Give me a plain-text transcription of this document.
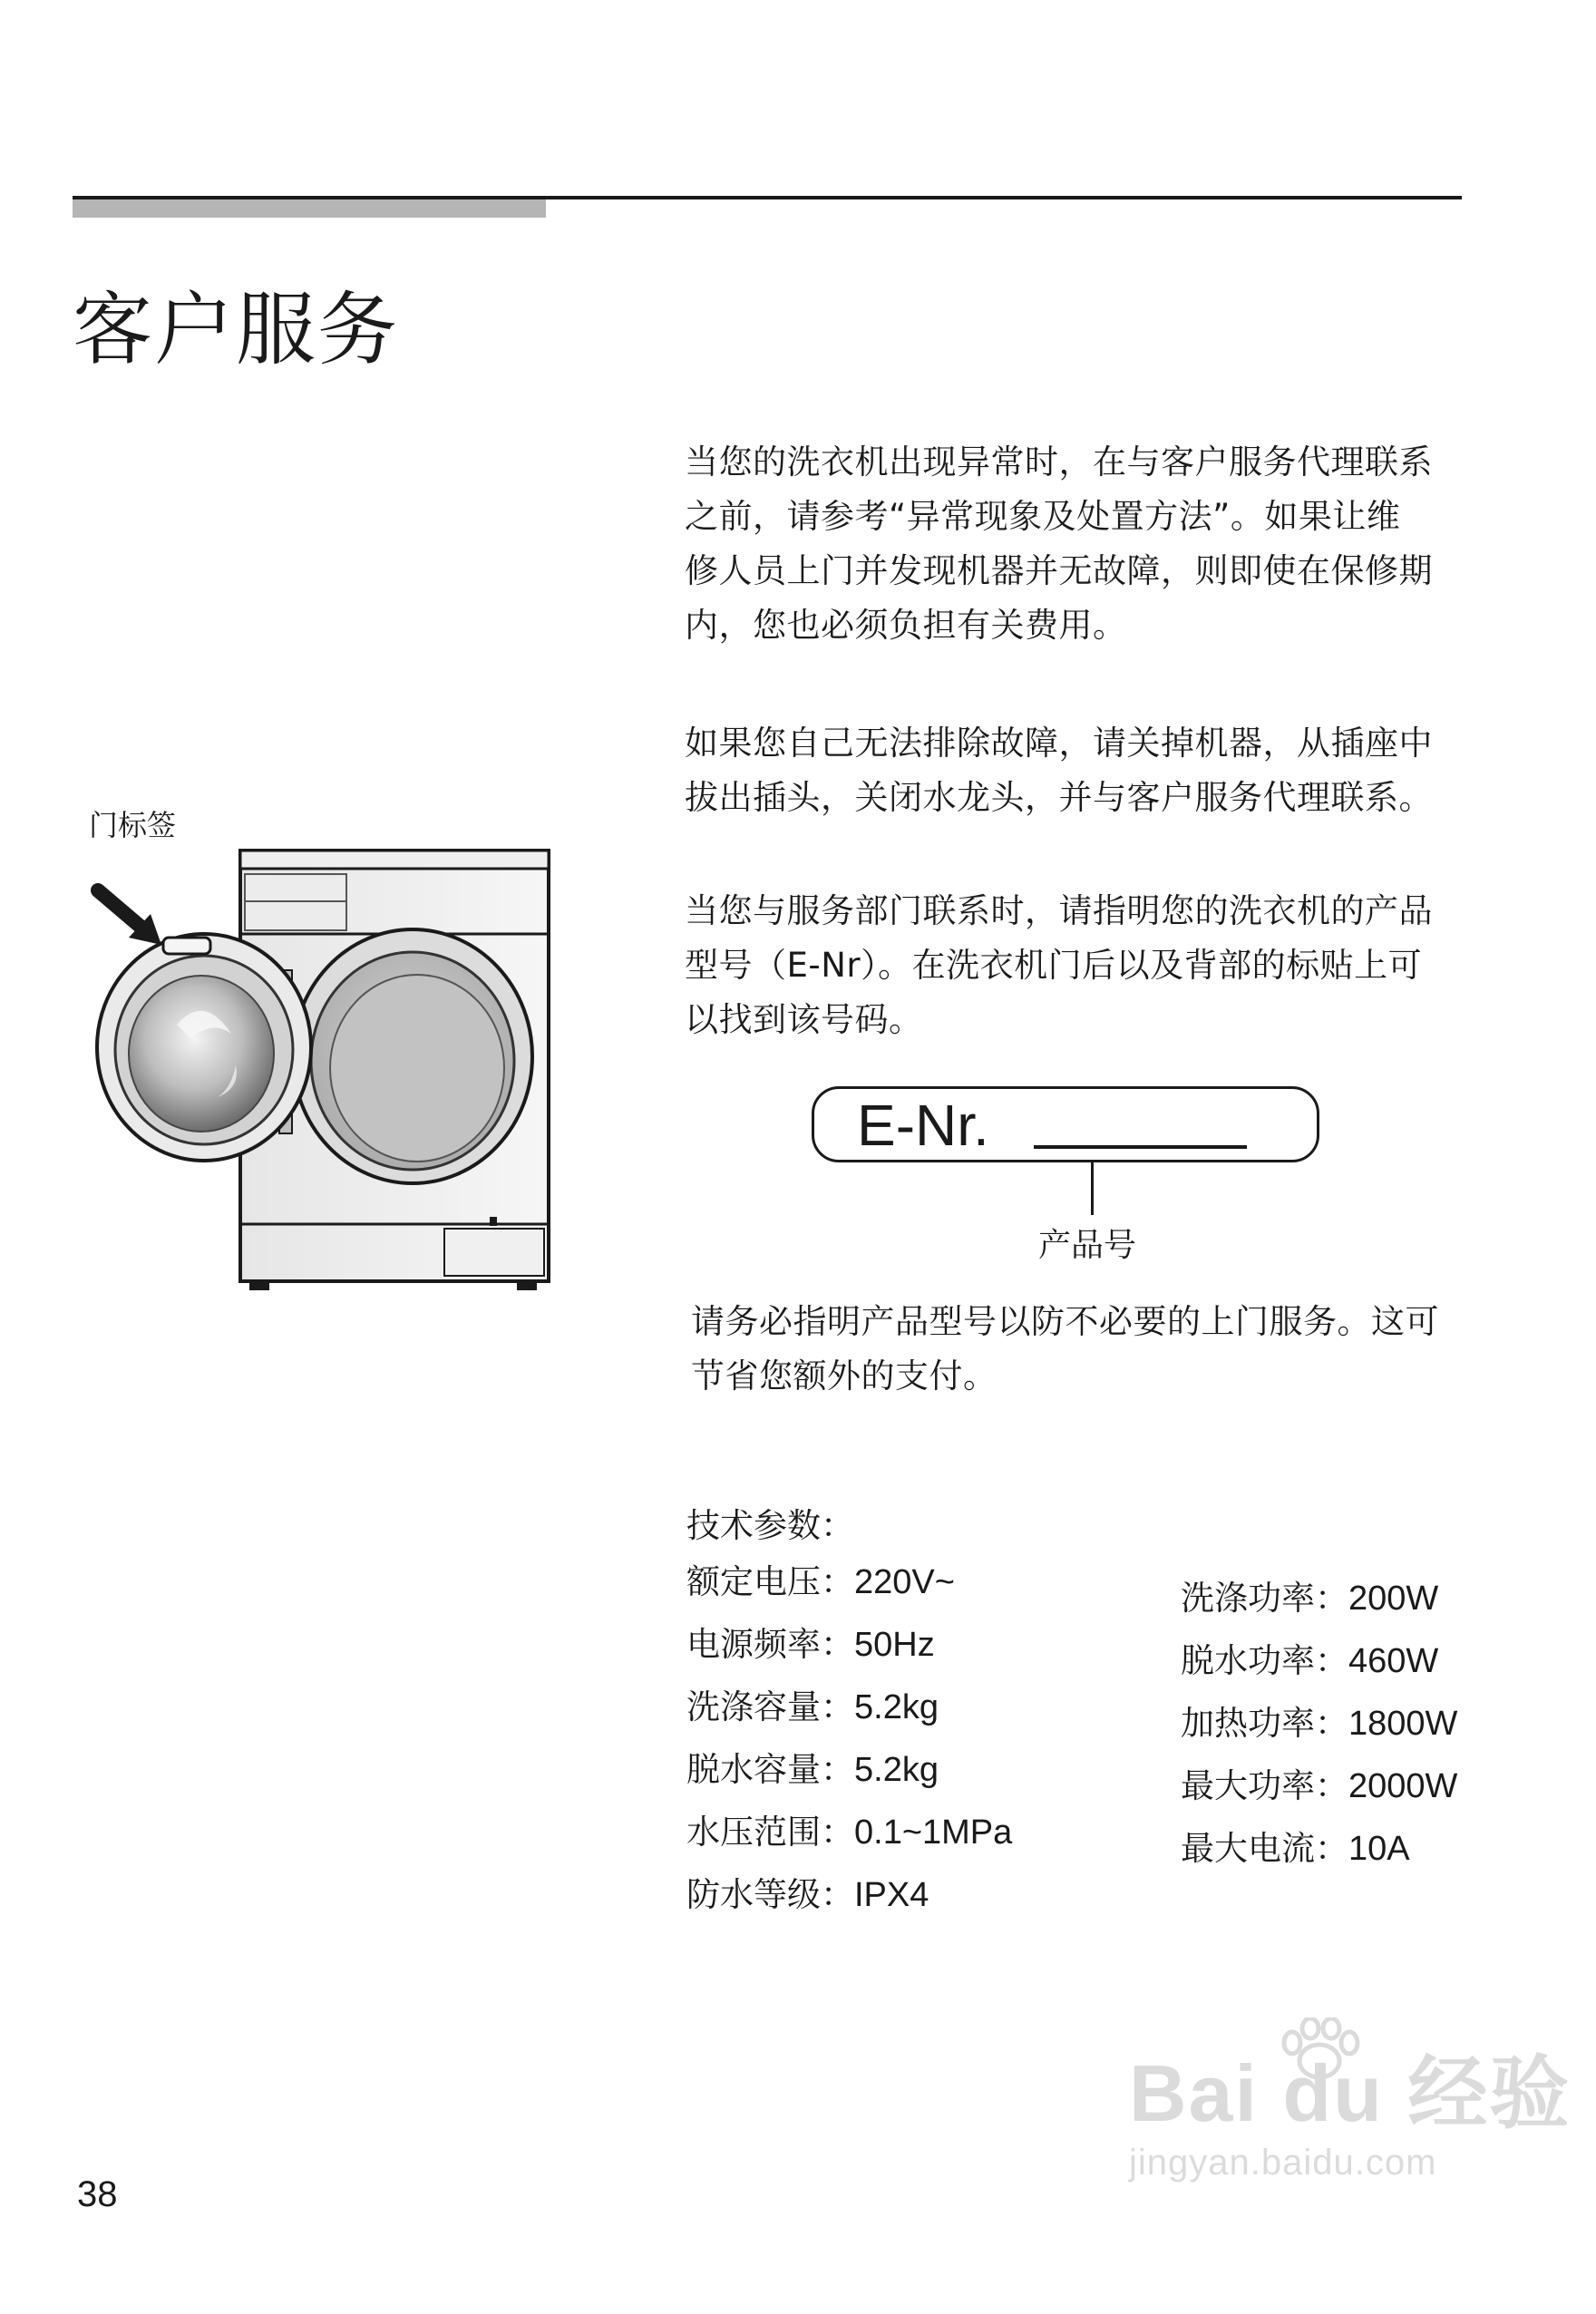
客户服务
当您的洗衣机出现异常时，在与客户服务代理联系
之前，请参考“异常现象及处置方法”。如果让维
修人员上门并发现机器并无故障，则即使在保修期
内，您也必须负担有关费用。
如果您自己无法排除故障，请关掉机器，从插座中
拔出插头，关闭水龙头，并与客户服务代理联系。
当您与服务部门联系时，请指明您的洗衣机的产品
型号（E-Nr）。在洗衣机门后以及背部的标贴上可
以找到该号码。
门标签
E-Nr.
产品号
请务必指明产品型号以防不必要的上门服务。这可
节省您额外的支付。
技术参数：
额定电压：220V~
电源频率：50Hz
洗涤容量：5.2kg
脱水容量：5.2kg
水压范围：0.1~1MPa
防水等级：IPX4
洗涤功率：200W
脱水功率：460W
加热功率：1800W
最大功率：2000W
最大电流：10A
38
Bai du 经验
jingyan.baidu.com
